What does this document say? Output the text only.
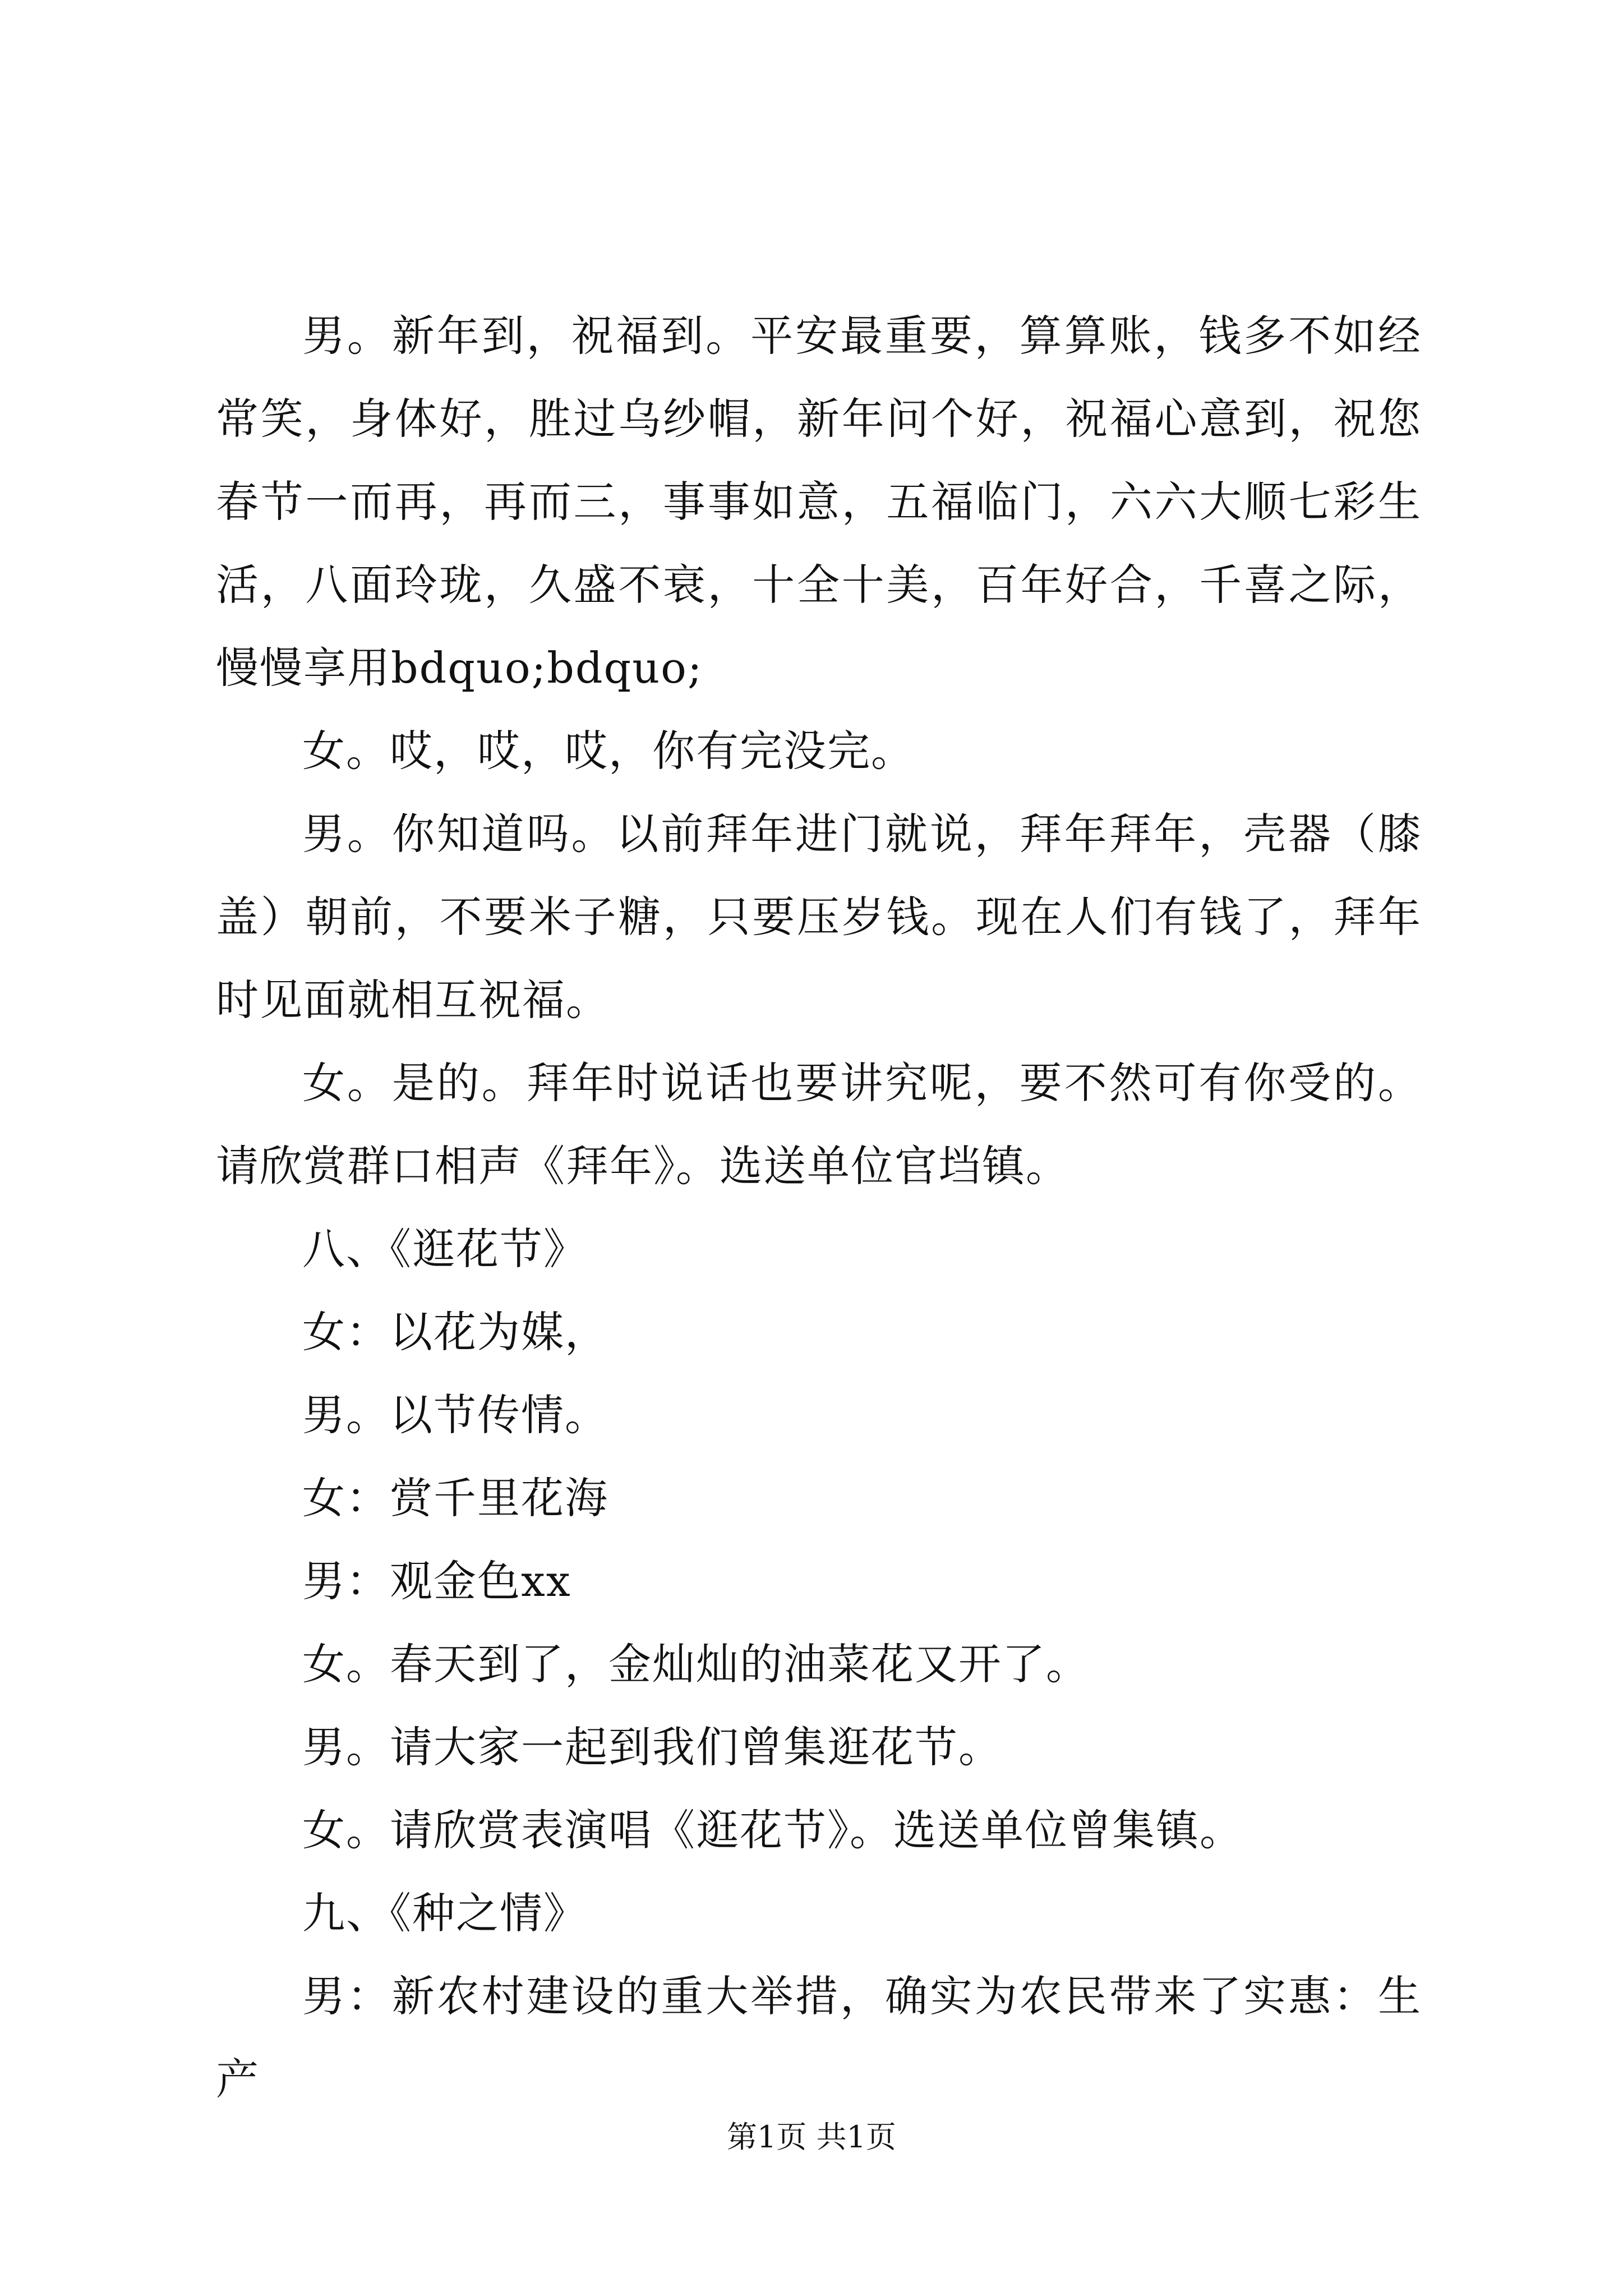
男。新年到，祝福到。平安最重要，算算账，钱多不如经常笑，身体好，胜过乌纱帽，新年问个好，祝福心意到，祝您春节一而再，再而三，事事如意，五福临门，六六大顺七彩生活，八面玲珑，久盛不衰，十全十美，百年好合，千喜之际，慢慢享用bdquo;bdquo;

女。哎，哎，哎，你有完没完。

男。你知道吗。以前拜年进门就说，拜年拜年，壳器（膝盖）朝前，不要米子糖，只要压岁钱。现在人们有钱了，拜年时见面就相互祝福。

女。是的。拜年时说话也要讲究呢，要不然可有你受的。请欣赏群口相声《拜年》。选送单位官垱镇。

八、《逛花节》

女：以花为媒，

男。以节传情。

女：赏千里花海

男：观金色xx

女。春天到了，金灿灿的油菜花又开了。

男。请大家一起到我们曾集逛花节。

女。请欣赏表演唱《逛花节》。选送单位曾集镇。

九、《种之情》

男：新农村建设的重大举措，确实为农民带来了实惠：生产

第1页 共1页
